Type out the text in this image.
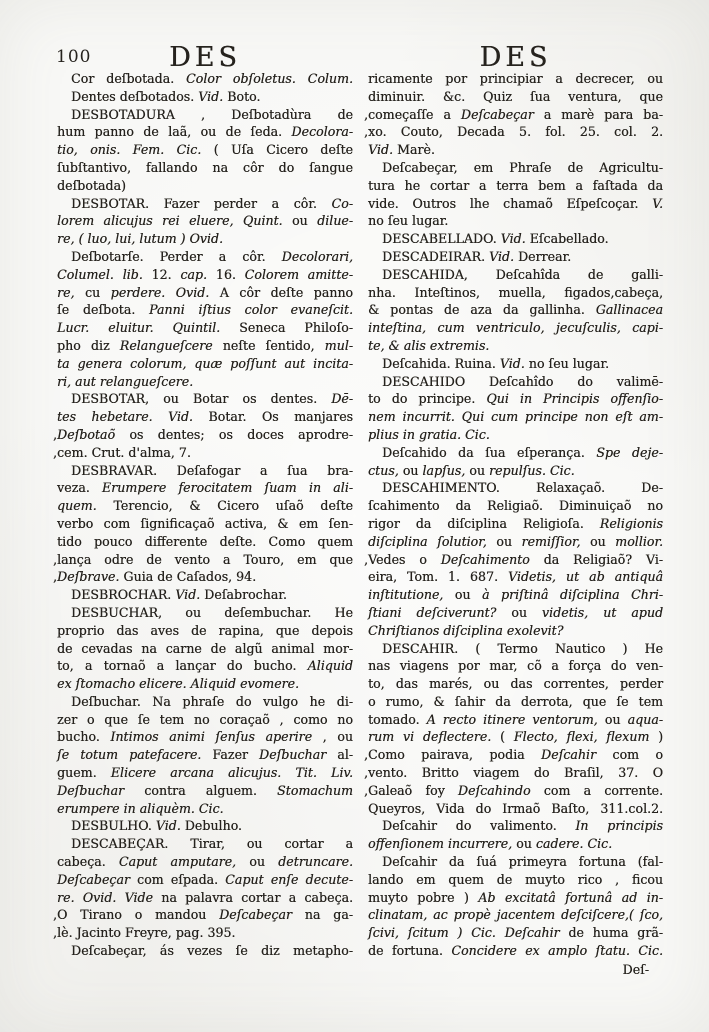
100	DES	DES
Cor deſbotada. Color obſoletus. Colum.
Dentes deſbotados. Vid. Boto.
DESBOTADURA , Deſbotadùra de
hum panno de laã, ou de ſeda. Decolora-
tio, onis. Fem. Cic. ( Uſa Cicero deſte
ſubſtantivo, fallando na côr do ſangue
deſbotada)
DESBOTAR. Fazer perder a côr. Co-
lorem alicujus rei eluere, Quint. ou dilue-
re, ( luo, lui, lutum ) Ovid.
Deſbotarſe. Perder a côr. Decolorari,
Columel. lib. 12. cap. 16. Colorem amitte-
re, cu perdere. Ovid. A côr deſte panno
ſe deſbota. Panni iſtius color evaneſcit.
Lucr. eluitur. Quintil. Seneca Philoſo-
pho diz Relangueſcere neſte ſentido, mul-
ta genera colorum, quæ poſſunt aut incita-
ri, aut relangueſcere.
DESBOTAR, ou Botar os dentes. Dē-
tes hebetare. Vid. Botar. Os manjares
,Deſbotaõ os dentes; os doces aprodre-
,cem. Crut. d'alma, 7.
DESBRAVAR. Deſafogar a ſua bra-
veza. Erumpere ferocitatem ſuam in ali-
quem. Terencio, & Cicero uſaõ deſte
verbo com ſignificaçaõ activa, & em ſen-
tido pouco differente deſte. Como quem
,lança odre de vento a Touro, em que
,Deſbrave. Guia de Caſados, 94.
DESBROCHAR. Vid. Deſabrochar.
DESBUCHAR, ou deſembuchar. He
proprio das aves de rapina, que depois
de cevadas na carne de algũ animal mor-
to, a tornaõ a lançar do bucho. Aliquid
ex ſtomacho elicere. Aliquid evomere.
Deſbuchar. Na phraſe do vulgo he di-
zer o que ſe tem no coraçaõ , como no
bucho. Intimos animi ſenſus aperire , ou
ſe totum patefacere. Fazer Deſbuchar al-
guem. Elicere arcana alicujus. Tit. Liv.
Deſbuchar contra alguem. Stomachum
erumpere in aliquèm. Cic.
DESBULHO. Vid. Debulho.
DESCABEÇAR. Tirar, ou cortar a
cabeça. Caput amputare, ou detruncare.
Deſcabeçar com eſpada. Caput enſe decute-
re. Ovid. Vide na palavra cortar a cabeça.
,O Tirano o mandou Deſcabeçar na ga-
,lè. Jacinto Freyre, pag. 395.
Deſcabeçar, ás vezes ſe diz metapho-
ricamente por principiar a decrecer, ou
diminuir. &c. Quiz ſua ventura, que
,começaſſe a Deſcabeçar a marè para ba-
,xo. Couto, Decada 5. fol. 25. col. 2.
Vid. Marè.
Deſcabeçar, em Phraſe de Agricultu-
tura he cortar a terra bem a faſtada da
vide. Outros lhe chamaõ Eſpeſcoçar. V.
no ſeu lugar.
DESCABELLADO. Vid. Eſcabellado.
DESCADEIRAR. Vid. Derrear.
DESCAHIDA, Deſcahîda de galli-
nha. Inteſtinos, muella, figados,cabeça,
& pontas de aza da gallinha. Gallinacea
inteſtina, cum ventriculo, jecuſculis, capi-
te, & alis extremis.
Deſcahida. Ruina. Vid. no ſeu lugar.
DESCAHIDO Deſcahîdo do valimē-
to do principe. Qui in Principis offenſio-
nem incurrit. Qui cum principe non eſt am-
plius in gratia. Cic.
Deſcahido da ſua eſperança. Spe deje-
ctus, ou lapſus, ou repulſus. Cic.
DESCAHIMENTO. Relaxaçaõ. De-
ſcahimento da Religiaõ. Diminuiçaõ no
rigor da diſciplina Religioſa. Religionis
diſciplina ſolutior, ou remiſſior, ou mollior.
,Vedes o Deſcahimento da Religiaõ? Vi-
eira, Tom. 1. 687. Videtis, ut ab antiquâ
inſtitutione, ou à priſtinâ diſciplina Chri-
ſtiani deſciverunt? ou videtis, ut apud
Chriſtianos diſciplina exolevit?
DESCAHIR. ( Termo Nautico ) He
nas viagens por mar, cõ a força do ven-
to, das marés, ou das correntes, perder
o rumo, & ſahir da derrota, que ſe tem
tomado. A recto itinere ventorum, ou aqua-
rum vi deflectere. ( Flecto, flexi, flexum )
,Como pairava, podia Deſcahir com o
,vento. Britto viagem do Braſil, 37. O
,Galeaõ foy Deſcahindo com a corrente.
Queyros, Vida do Irmaõ Baſto, 311.col.2.
Deſcahir do valimento. In principis
offenſionem incurrere, ou cadere. Cic.
Deſcahir da ſuá primeyra fortuna (fal-
lando em quem de muyto rico , ficou
muyto pobre ) Ab excitatâ fortunâ ad in-
clinatam, ac propè jacentem deſciſcere,( ſco,
ſcivi, ſcitum ) Cic. Deſcahir de huma grã-
de fortuna. Concidere ex amplo ſtatu. Cic.
Deſ-
